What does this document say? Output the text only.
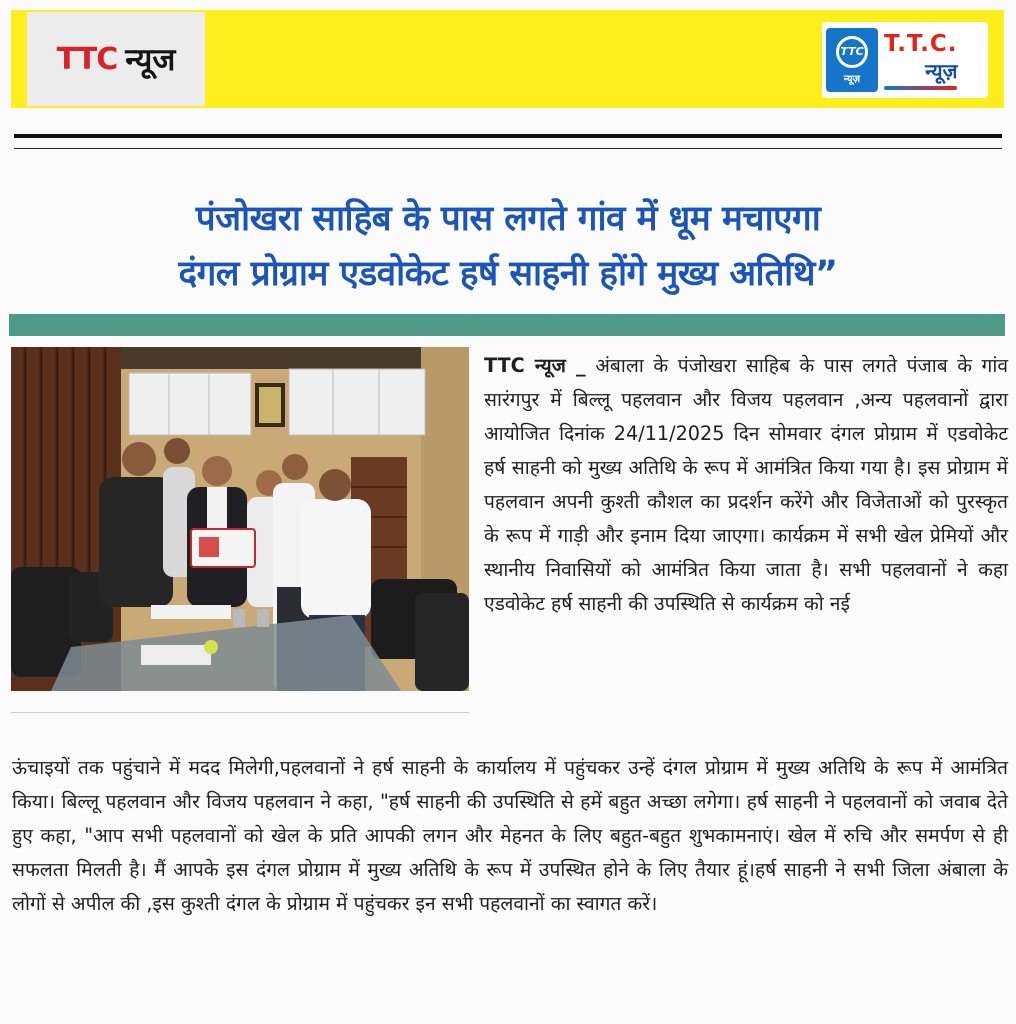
TTC न्यूज	TTC
न्यूज़
T.T.C.
न्यूज़
पंजोखरा साहिब के पास लगते गांव में धूम मचाएगा
दंगल प्रोग्राम एडवोकेट हर्ष साहनी होंगे मुख्य अतिथि”
TTC न्यूज _ अंबाला के पंजोखरा साहिब के पास लगते पंजाब के गांव सारंगपुर में बिल्लू पहलवान और विजय पहलवान ,अन्य पहलवानों द्वारा आयोजित दिनांक 24/11/2025 दिन सोमवार दंगल प्रोग्राम में एडवोकेट हर्ष साहनी को मुख्य अतिथि के रूप में आमंत्रित किया गया है। इस प्रोग्राम में पहलवान अपनी कुश्ती कौशल का प्रदर्शन करेंगे और विजेताओं को पुरस्कृत के रूप में गाड़ी और इनाम दिया जाएगा। कार्यक्रम में सभी खेल प्रेमियों और स्थानीय निवासियों को आमंत्रित किया जाता है। सभी पहलवानों ने कहा एडवोकेट हर्ष साहनी की उपस्थिति से कार्यक्रम को नई
ऊंचाइयों तक पहुंचाने में मदद मिलेगी,पहलवानों ने हर्ष साहनी के कार्यालय में पहुंचकर उन्हें दंगल प्रोग्राम में मुख्य अतिथि के रूप में आमंत्रित किया। बिल्लू पहलवान और विजय पहलवान ने कहा, "हर्ष साहनी की उपस्थिति से हमें बहुत अच्छा लगेगा। हर्ष साहनी ने पहलवानों को जवाब देते हुए कहा, "आप सभी पहलवानों को खेल के प्रति आपकी लगन और मेहनत के लिए बहुत-बहुत शुभकामनाएं। खेल में रुचि और समर्पण से ही सफलता मिलती है। मैं आपके इस दंगल प्रोग्राम में मुख्य अतिथि के रूप में उपस्थित होने के लिए तैयार हूं।हर्ष साहनी ने सभी जिला अंबाला के लोगों से अपील की ,इस कुश्ती दंगल के प्रोग्राम में पहुंचकर इन सभी पहलवानों का स्वागत करें।
